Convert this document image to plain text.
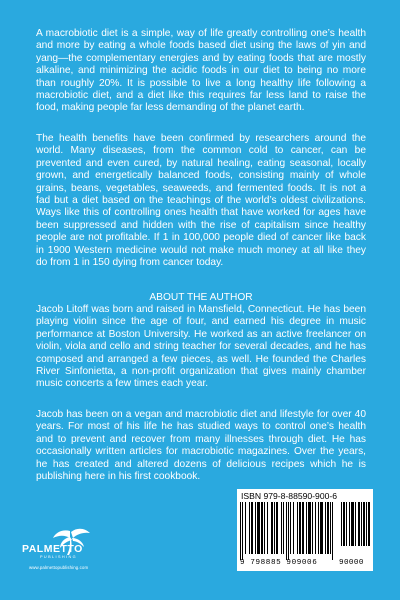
A macrobiotic diet is a simple, way of life greatly controlling one’s health and more by eating a whole foods based diet using the laws of yin and yang—the complementary energies and by eating foods that are mostly alkaline, and minimizing the acidic foods in our diet to being no more than roughly 20%. It is possible to live a long healthy life following a macrobiotic diet, and a diet like this requires far less land to raise the food, making people far less demanding of the planet earth.

The health benefits have been confirmed by researchers around the world. Many diseases, from the common cold to cancer, can be prevented and even cured, by natural healing, eating seasonal, locally grown, and energetically balanced foods, consisting mainly of whole grains, beans, vegetables, seaweeds, and fermented foods. It is not a fad but a diet based on the teachings of the world’s oldest civilizations. Ways like this of controlling ones health that have worked for ages have been suppressed and hidden with the rise of capitalism since healthy people are not profitable. If 1 in 100,000 people died of cancer like back in 1900 Western medicine would not make much money at all like they do from 1 in 150 dying from cancer today.

ABOUT THE AUTHOR

Jacob Litoff was born and raised in Mansfield, Connecticut. He has been playing violin since the age of four, and earned his degree in music performance at Boston University. He worked as an active freelancer on violin, viola and cello and string teacher for several decades, and he has composed and arranged a few pieces, as well. He founded the Charles River Sinfonietta, a non-profit organization that gives mainly chamber music concerts a few times each year.

Jacob has been on a vegan and macrobiotic diet and lifestyle for over 40 years. For most of his life he has studied ways to control one’s health and to prevent and recover from many illnesses through diet. He has occasionally written articles for macrobiotic magazines. Over the years, he has created and altered dozens of delicious recipes which he is publishing here in his first cookbook.

PALMETTO
PUBLISHING
www.palmettopublishing.com
ISBN 979-8-88590-900-6
9 798885 909006	90000
